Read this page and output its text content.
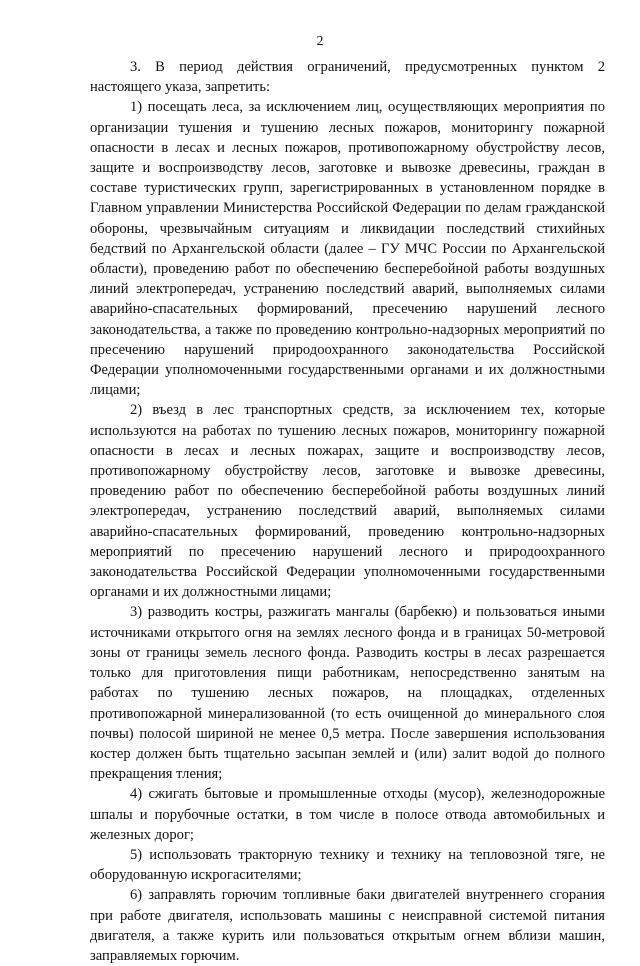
2

3. В период действия ограничений, предусмотренных пунктом 2 настоящего указа, запретить:

1) посещать леса, за исключением лиц, осуществляющих мероприятия по организации тушения и тушению лесных пожаров, мониторингу пожарной опасности в лесах и лесных пожаров, противопожарному обустройству лесов, защите и воспроизводству лесов, заготовке и вывозке древесины, граждан в составе туристических групп, зарегистрированных в установленном порядке в Главном управлении Министерства Российской Федерации по делам гражданской обороны, чрезвычайным ситуациям и ликвидации последствий стихийных бедствий по Архангельской области (далее – ГУ МЧС России по Архангельской области), проведению работ по обеспечению бесперебойной работы воздушных линий электропередач, устранению последствий аварий, выполняемых силами аварийно-спасательных формирований, пресечению нарушений лесного законодательства, а также по проведению контрольно-надзорных мероприятий по пресечению нарушений природоохранного законодательства Российской Федерации уполномоченными государственными органами и их должностными лицами;

2) въезд в лес транспортных средств, за исключением тех, которые используются на работах по тушению лесных пожаров, мониторингу пожарной опасности в лесах и лесных пожарах, защите и воспроизводству лесов, противопожарному обустройству лесов, заготовке и вывозке древесины, проведению работ по обеспечению бесперебойной работы воздушных линий электропередач, устранению последствий аварий, выполняемых силами аварийно-спасательных формирований, проведению контрольно-надзорных мероприятий по пресечению нарушений лесного и природоохранного законодательства Российской Федерации уполномоченными государственными органами и их должностными лицами;

3) разводить костры, разжигать мангалы (барбекю) и пользоваться иными источниками открытого огня на землях лесного фонда и в границах 50-метровой зоны от границы земель лесного фонда. Разводить костры в лесах разрешается только для приготовления пищи работникам, непосредственно занятым на работах по тушению лесных пожаров, на площадках, отделенных противопожарной минерализованной (то есть очищенной до минерального слоя почвы) полосой шириной не менее 0,5 метра. После завершения использования костер должен быть тщательно засыпан землей и (или) залит водой до полного прекращения тления;

4) сжигать бытовые и промышленные отходы (мусор), железнодорожные шпалы и порубочные остатки, в том числе в полосе отвода автомобильных и железных дорог;

5) использовать тракторную технику и технику на тепловозной тяге, не оборудованную искрогасителями;

6) заправлять горючим топливные баки двигателей внутреннего сгорания при работе двигателя, использовать машины с неисправной системой питания двигателя, а также курить или пользоваться открытым огнем вблизи машин, заправляемых горючим.
